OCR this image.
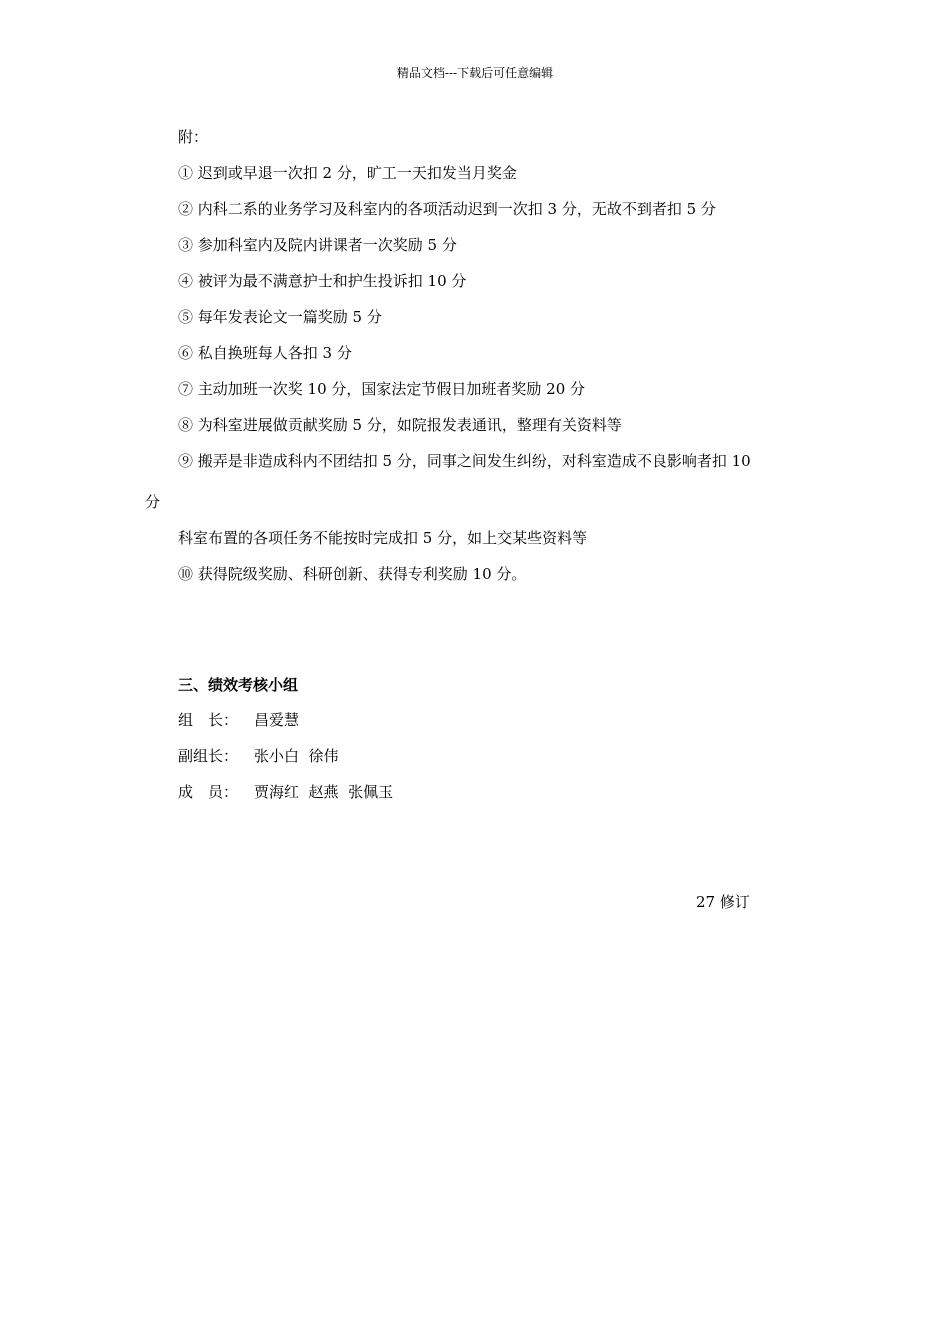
精品文档---下载后可任意编辑
附：
① 迟到或早退一次扣 2 分，旷工一天扣发当月奖金
② 内科二系的业务学习及科室内的各项活动迟到一次扣 3 分，无故不到者扣 5 分
③ 参加科室内及院内讲课者一次奖励 5 分
④ 被评为最不满意护士和护生投诉扣 10 分
⑤ 每年发表论文一篇奖励 5 分
⑥ 私自换班每人各扣 3 分
⑦ 主动加班一次奖 10 分，国家法定节假日加班者奖励 20 分
⑧ 为科室进展做贡献奖励 5 分，如院报发表通讯，整理有关资料等
⑨ 搬弄是非造成科内不团结扣 5 分，同事之间发生纠纷，对科室造成不良影响者扣 10
分
科室布置的各项任务不能按时完成扣 5 分，如上交某些资料等
⑩ 获得院级奖励、科研创新、获得专利奖励 10 分。
三、绩效考核小组
组　长：	昌爱慧
副组长：	张小白  徐伟
成　员：	贾海红  赵燕  张佩玉
27 修订
